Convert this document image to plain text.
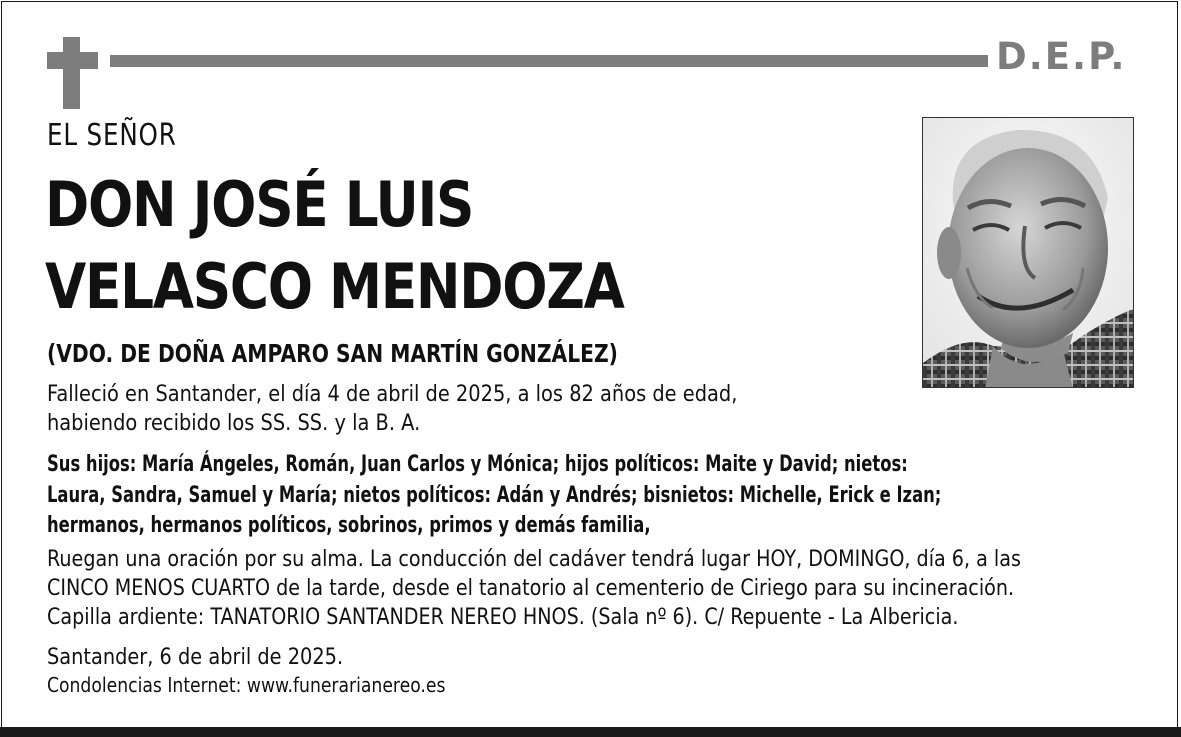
D.E.P.
EL SEÑOR
DON JOSÉ LUIS
VELASCO MENDOZA
(VDO. DE DOÑA AMPARO SAN MARTÍN GONZÁLEZ)
Falleció en Santander, el día 4 de abril de 2025, a los 82 años de edad,
habiendo recibido los SS. SS. y la B. A.
Sus hijos: María Ángeles, Román, Juan Carlos y Mónica; hijos políticos: Maite y David; nietos:
Laura, Sandra, Samuel y María; nietos políticos: Adán y Andrés; bisnietos: Michelle, Erick e Izan;
hermanos, hermanos políticos, sobrinos, primos y demás familia,
Ruegan una oración por su alma. La conducción del cadáver tendrá lugar HOY, DOMINGO, día 6, a las
CINCO MENOS CUARTO de la tarde, desde el tanatorio al cementerio de Ciriego para su incineración.
Capilla ardiente: TANATORIO SANTANDER NEREO HNOS. (Sala nº 6). C/ Repuente - La Albericia.
Santander, 6 de abril de 2025.
Condolencias Internet: www.funerarianereo.es
